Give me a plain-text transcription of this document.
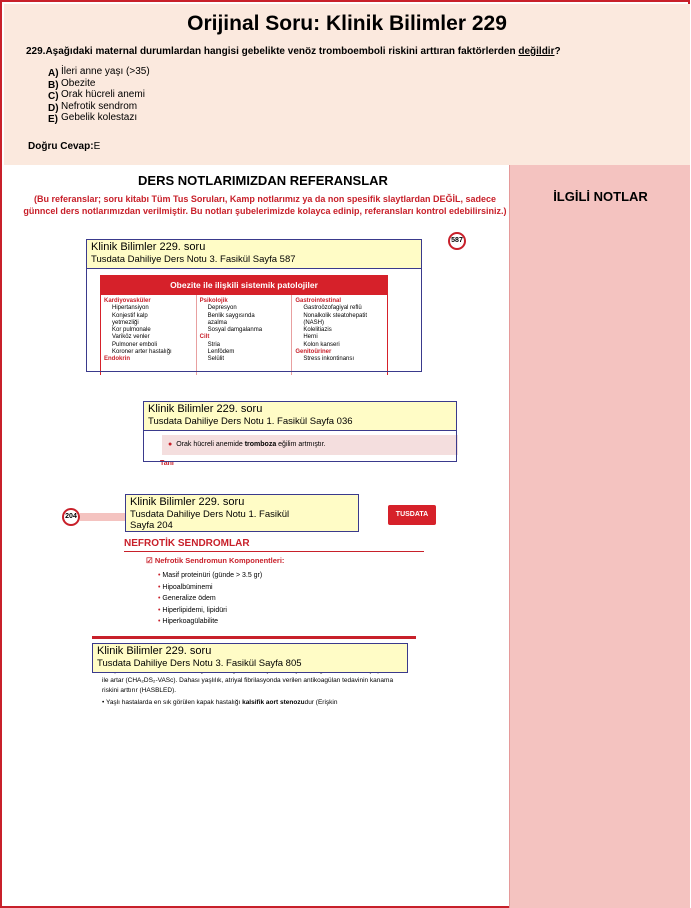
Orijinal Soru: Klinik Bilimler 229
229.Aşağıdaki maternal durumlardan hangisi gebelikte venöz tromboemboli riskini arttıran faktörlerden değildir?
A) İleri anne yaşı (>35)
B) Obezite
C) Orak hücreli anemi
D) Nefrotik sendrom
E) Gebelik kolestazı
Doğru Cevap:E
DERS NOTLARIMIZDAN REFERANSLAR
(Bu referanslar; soru kitabı Tüm Tus Soruları, Kamp notlarımız ya da non spesifik slaytlardan DEĞİL, sadece günncel ders notlarımızdan verilmiştir. Bu notları şubelerimizde kolayca edinip, referansları kontrol edebilirsiniz.)
İLGİLİ NOTLAR
587
Obezite ile ilişkili sistemik patolojiler
Kardiyovasküler
Hipertansiyon
Konjestif kalp
yetmezliği
Kor pulmonale
Variköz venler
Pulmoner emboli
Koroner arter hastalığı
Endokrin
Psikolojik
Depresyon
Benlik saygısında
azalma
Sosyal damgalanma
Cilt
Stria
Lenfödem
Selülit
Gastrointestinal
Gastroözofagiyal reflü
Nonalkolik steatohepatit
(NASH)
Kolelitiazis
Herni
Kolon kanseri
Genitoüriner
Stress inkontinansı
Klinik Bilimler 229. soru
Tusdata Dahiliye Ders Notu 3. Fasikül Sayfa 587
● Orak hücreli anemide tromboza eğilim artmıştır.
Tanı
Klinik Bilimler 229. soru
Tusdata Dahiliye Ders Notu 1. Fasikül Sayfa 036
204	TUSDATA
NEFROTİK SENDROMLAR
☑ Nefrotik Sendromun Komponentleri:
• Masif proteinüri (günde > 3.5 gr)
• Hipoalbüminemi
• Generalize ödem
• Hiperlipidemi, lipidüri
• Hiperkoagülabilite
Klinik Bilimler 229. soru
Tusdata Dahiliye Ders Notu 1. Fasikül
Sayfa 204
• ile artar (CHA₂DS₂-VASc). Dahası yaşlılık, atriyal fibrilasyonda verilen antikoagülan tedavinin kanama riskini arttırır (HASBLED).
• Yaşlı hastalarda en sık görülen kapak hastalığı kalsifik aort stenozudur (Erişkin
Klinik Bilimler 229. soru
Tusdata Dahiliye Ders Notu 3. Fasikül Sayfa 805
